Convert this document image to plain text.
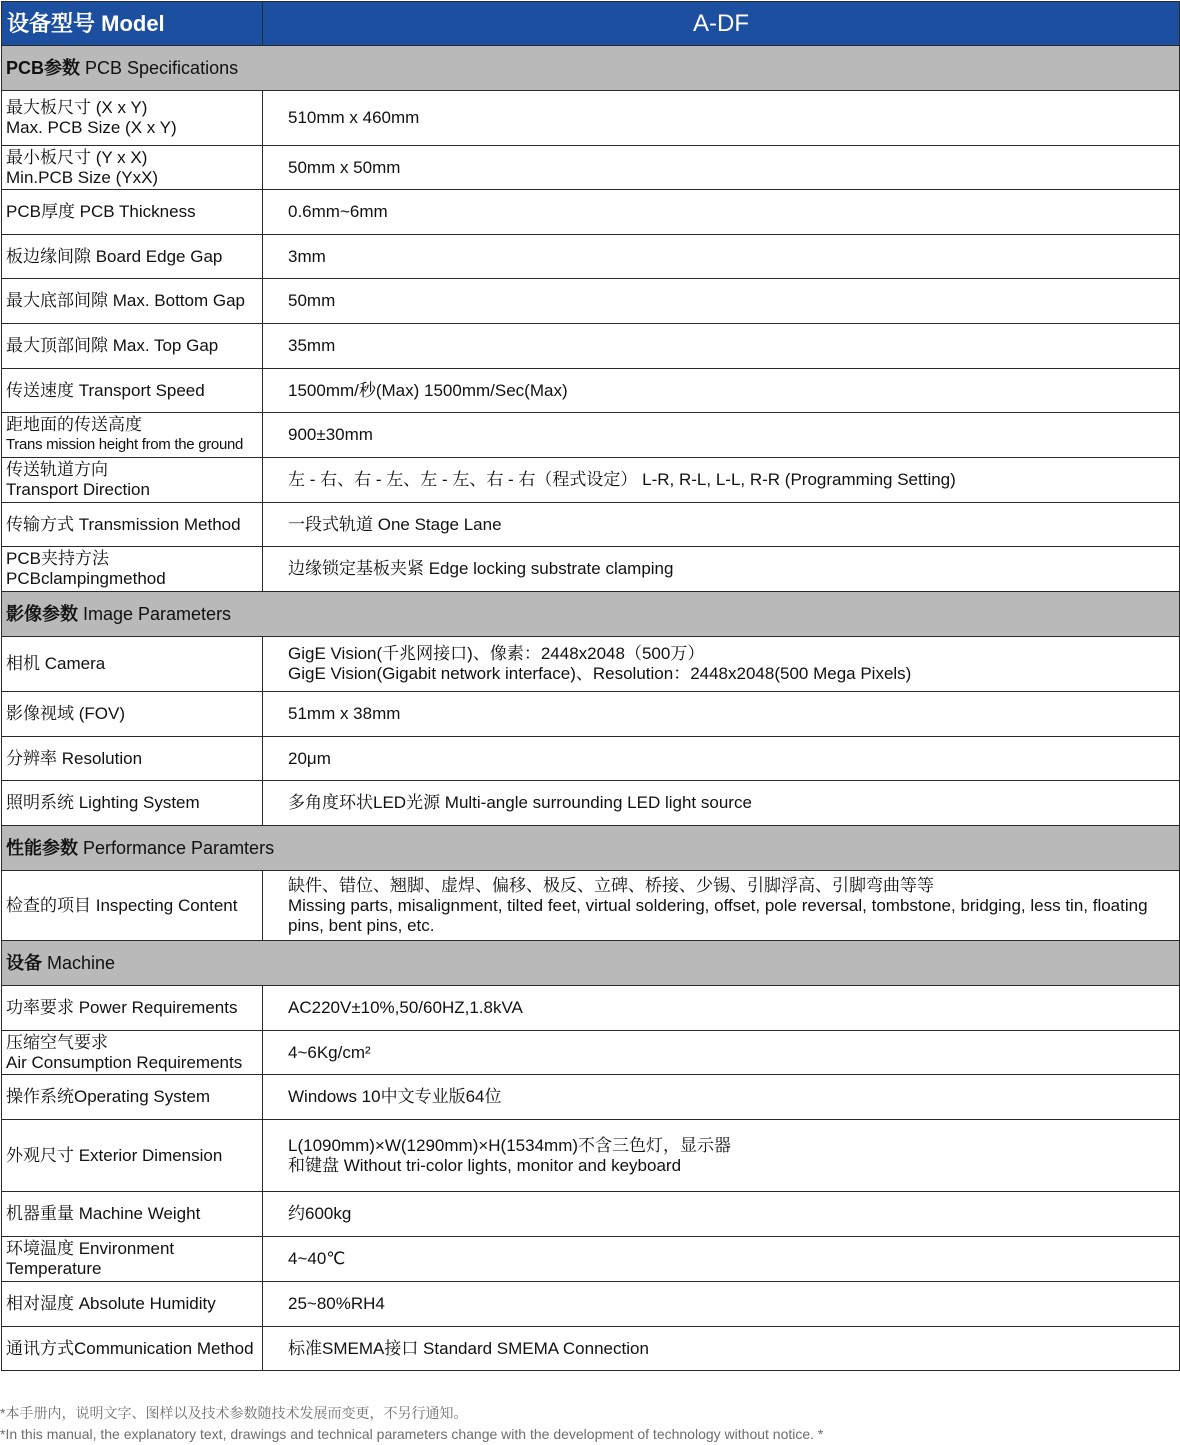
设备型号 Model	A-DF
PCB参数 PCB Specifications	

最大板尺寸 (X x Y)
Max. PCB Size (X x Y)	510mm x 460mm

最小板尺寸 (Y x X)
Min.PCB Size (YxX)	50mm x 50mm
PCB厚度 PCB Thickness	0.6mm~6mm
板边缘间隙 Board Edge Gap	3mm
最大底部间隙 Max. Bottom Gap	50mm
最大顶部间隙 Max. Top Gap	35mm
传送速度 Transport Speed	1500mm/秒(Max) 1500mm/Sec(Max)

距地面的传送高度
Trans mission height from the ground	900±30mm

传送轨道方向
Transport Direction	左 - 右、右 - 左、左 - 左、右 - 右（程式设定） L-R, R-L, L-L, R-R (Programming Setting)
传输方式 Transmission Method	一段式轨道 One Stage Lane

PCB夹持方法
PCBclampingmethod	边缘锁定基板夹紧 Edge locking substrate clamping
影像参数 Image Parameters	
相机 Camera	GigE Vision(千兆网接口)、像素：2448x2048（500万）
GigE Vision(Gigabit network interface)、Resolution：2448x2048(500 Mega Pixels)

影像视域 (FOV)	51mm x 38mm
分辨率 Resolution	20μm
照明系统 Lighting System	多角度环状LED光源 Multi-angle surrounding LED light source
性能参数 Performance Paramters	
检查的项目 Inspecting Content	缺件、错位、翘脚、虚焊、偏移、极反、立碑、桥接、少锡、引脚浮高、引脚弯曲等等
Missing parts, misalignment, tilted feet, virtual soldering, offset, pole reversal, tombstone, bridging, less tin, floating pins, bent pins, etc.

设备 Machine	
功率要求 Power Requirements	AC220V±10%,50/60HZ,1.8kVA

压缩空气要求
Air Consumption Requirements	4~6Kg/cm²
操作系统Operating System	Windows 10中文专业版64位
外观尺寸 Exterior Dimension	L(1090mm)×W(1290mm)×H(1534mm)不含三色灯，显示器
和键盘 Without tri-color lights, monitor and keyboard

机器重量 Machine Weight	约600kg

环境温度 Environment
Temperature	4~40℃
相对湿度 Absolute Humidity	25~80%RH4
通讯方式Communication Method	标准SMEMA接口 Standard SMEMA Connection
*本手册内，说明文字、图样以及技术参数随技术发展而变更，不另行通知。
*In this manual, the explanatory text, drawings and technical parameters change with the development of technology without notice. *
